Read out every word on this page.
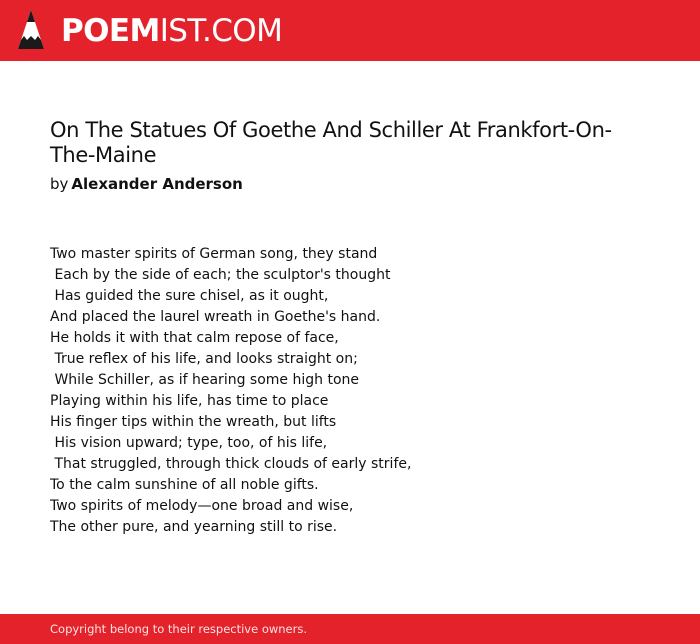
POEMIST.COM
On The Statues Of Goethe And Schiller At Frankfort-On-The-Maine
by Alexander Anderson
Two master spirits of German song, they stand
Each by the side of each; the sculptor's thought
Has guided the sure chisel, as it ought,
And placed the laurel wreath in Goethe's hand.
He holds it with that calm repose of face,
True reflex of his life, and looks straight on;
While Schiller, as if hearing some high tone
Playing within his life, has time to place
His finger tips within the wreath, but lifts
His vision upward; type, too, of his life,
That struggled, through thick clouds of early strife,
To the calm sunshine of all noble gifts.
Two spirits of melody—one broad and wise,
The other pure, and yearning still to rise.
Copyright belong to their respective owners.
